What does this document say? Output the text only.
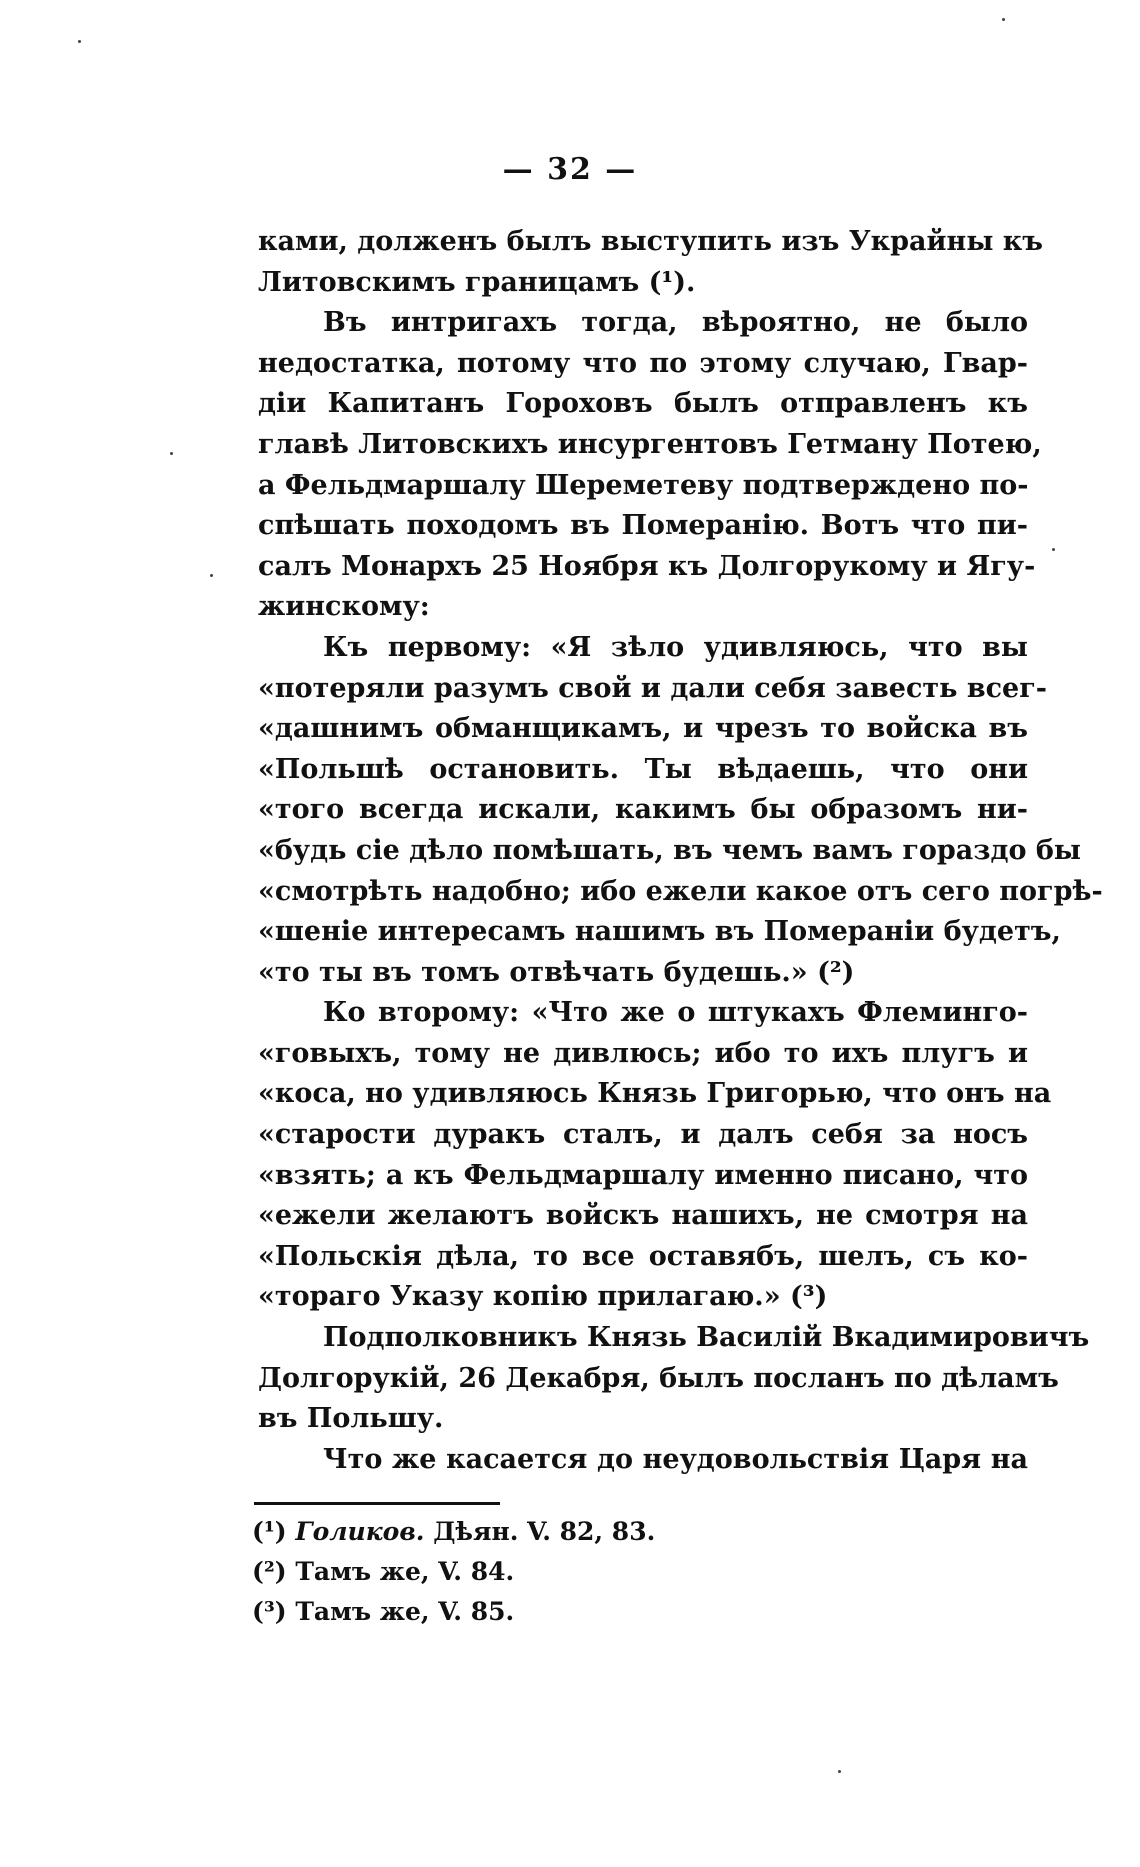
— 32 —
ками, долженъ былъ выступить изъ Украйны къ
Литовскимъ границамъ (¹).
Въ интригахъ тогда, вѣроятно, не было
недостатка, потому что по этому случаю, Гвар-
діи Капитанъ Гороховъ былъ отправленъ къ
главѣ Литовскихъ инсургентовъ Гетману Потею,
а Фельдмаршалу Шереметеву подтверждено по-
спѣшать походомъ въ Померанію. Вотъ что пи-
салъ Монархъ 25 Ноября къ Долгорукому и Ягу-
жинскому:
Къ первому: «Я зѣло удивляюсь, что вы
«потеряли разумъ свой и дали себя завесть всег-
«дашнимъ обманщикамъ, и чрезъ то войска въ
«Польшѣ остановить. Ты вѣдаешь, что они
«того всегда искали, какимъ бы образомъ ни-
«будь сіе дѣло помѣшать, въ чемъ вамъ гораздо бы
«смотрѣть надобно; ибо ежели какое отъ сего погрѣ-
«шеніе интересамъ нашимъ въ Помераніи будетъ,
«то ты въ томъ отвѣчать будешь.» (²)
Ко второму: «Что же о штукахъ Флеминго-
«говыхъ, тому не дивлюсь; ибо то ихъ плугъ и
«коса, но удивляюсь Князь Григорью, что онъ на
«старости дуракъ сталъ, и далъ себя за носъ
«взять; а къ Фельдмаршалу именно писано, что
«ежели желаютъ войскъ нашихъ, не смотря на
«Польскія дѣла, то все оставябъ, шелъ, съ ко-
«тораго Указу копію прилагаю.» (³)
Подполковникъ Князь Василій Вкадимировичъ
Долгорукій, 26 Декабря, былъ посланъ по дѣламъ
въ Польшу.
Что же касается до неудовольствія Царя на
(¹) Голиков. Дѣян. V. 82, 83.
(²) Тамъ же, V. 84.
(³) Тамъ же, V. 85.
